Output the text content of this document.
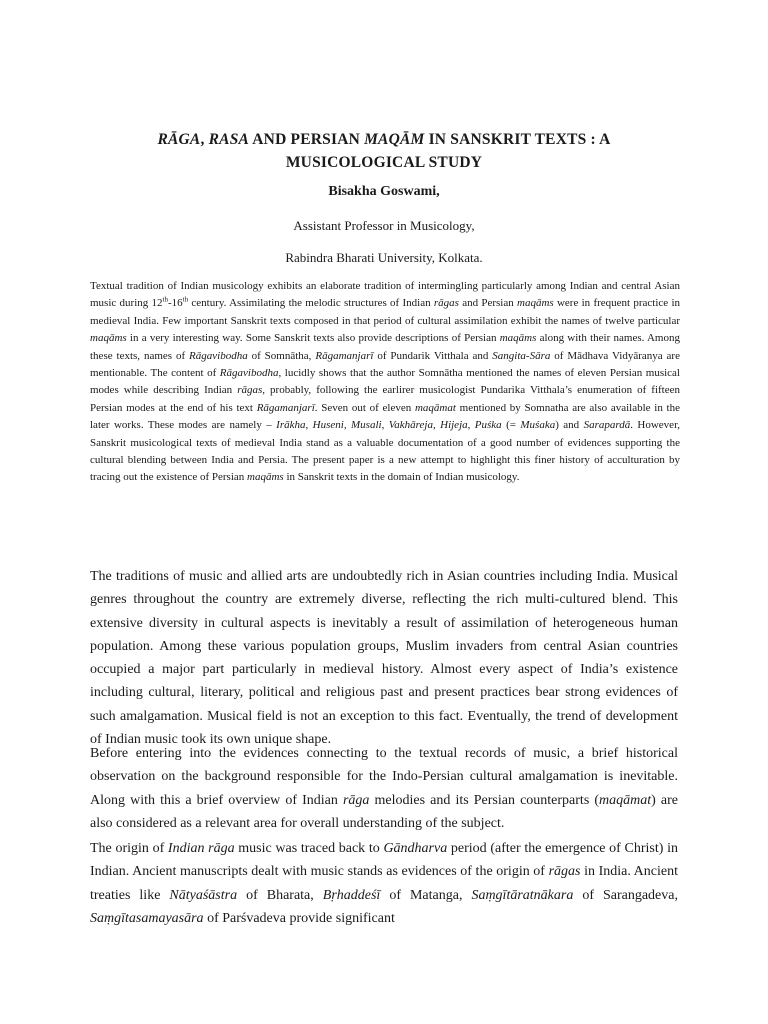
RĀGA, RASA AND PERSIAN MAQĀM IN SANSKRIT TEXTS : A MUSICOLOGICAL STUDY
Bisakha Goswami,
Assistant Professor in Musicology,
Rabindra Bharati University, Kolkata.
Textual tradition of Indian musicology exhibits an elaborate tradition of intermingling particularly among Indian and central Asian music during 12th-16th century. Assimilating the melodic structures of Indian rāgas and Persian maqāms were in frequent practice in medieval India. Few important Sanskrit texts composed in that period of cultural assimilation exhibit the names of twelve particular maqāms in a very interesting way. Some Sanskrit texts also provide descriptions of Persian maqāms along with their names. Among these texts, names of Rāgavibodha of Somnātha, Rāgamanjarī of Pundarik Vitthala and Sangita-Sāra of Mādhava Vidyāranya are mentionable. The content of Rāgavibodha, lucidly shows that the author Somnātha mentioned the names of eleven Persian musical modes while describing Indian rāgas, probably, following the earlirer musicologist Pundarika Vitthala’s enumeration of fifteen Persian modes at the end of his text Rāgamanjarī. Seven out of eleven maqāmat mentioned by Somnatha are also available in the later works. These modes are namely – Irākha, Huseni, Musali, Vakhāreja, Hijeja, Puśka (= Muśaka) and Sarapardā. However, Sanskrit musicological texts of medieval India stand as a valuable documentation of a good number of evidences supporting the cultural blending between India and Persia. The present paper is a new attempt to highlight this finer history of acculturation by tracing out the existence of Persian maqāms in Sanskrit texts in the domain of Indian musicology.
The traditions of music and allied arts are undoubtedly rich in Asian countries including India. Musical genres throughout the country are extremely diverse, reflecting the rich multi-cultured blend. This extensive diversity in cultural aspects is inevitably a result of assimilation of heterogeneous human population. Among these various population groups, Muslim invaders from central Asian countries occupied a major part particularly in medieval history. Almost every aspect of India’s existence including cultural, literary, political and religious past and present practices bear strong evidences of such amalgamation. Musical field is not an exception to this fact. Eventually, the trend of development of Indian music took its own unique shape.
Before entering into the evidences connecting to the textual records of music, a brief historical observation on the background responsible for the Indo-Persian cultural amalgamation is inevitable. Along with this a brief overview of Indian rāga melodies and its Persian counterparts (maqāmat) are also considered as a relevant area for overall understanding of the subject.
The origin of Indian rāga music was traced back to Gāndharva period (after the emergence of Christ) in Indian. Ancient manuscripts dealt with music stands as evidences of the origin of rāgas in India. Ancient treaties like Nātyaśāstra of Bharata, Bṛhaddeśī of Matanga, Saṃgītāratnākara of Sarangadeva, Saṃgītasamayasāra of Parśvadeva provide significant
